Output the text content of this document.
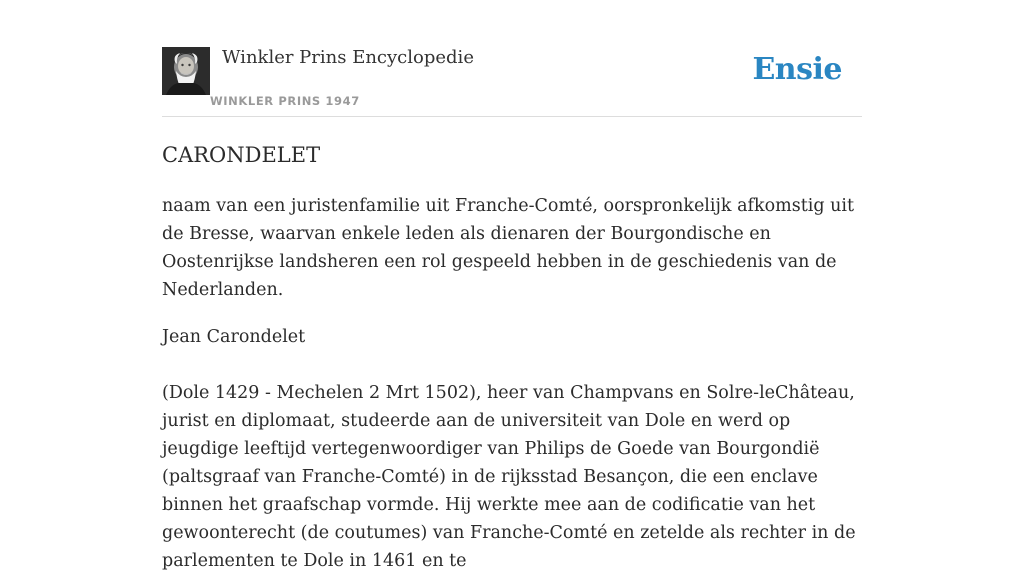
Winkler Prins Encyclopedie
WINKLER PRINS 1947
Ensie
CARONDELET

naam van een juristenfamilie uit Franche-Comté, oorspronkelijk afkomstig uit de Bresse, waarvan enkele leden als dienaren der Bourgondische en Oostenrijkse landsheren een rol gespeeld hebben in de geschiedenis van de Nederlanden.

Jean Carondelet

(Dole 1429 - Mechelen 2 Mrt 1502), heer van Champvans en Solre-leChâteau, jurist en diplomaat, studeerde aan de universiteit van Dole en werd op jeugdige leeftijd vertegenwoordiger van Philips de Goede van Bourgondië (paltsgraaf van Franche-Comté) in de rijksstad Besançon, die een enclave binnen het graafschap vormde. Hij werkte mee aan de codificatie van het gewoonterecht (de coutumes) van Franche-Comté en zetelde als rechter in de parlementen te Dole in 1461 en te
